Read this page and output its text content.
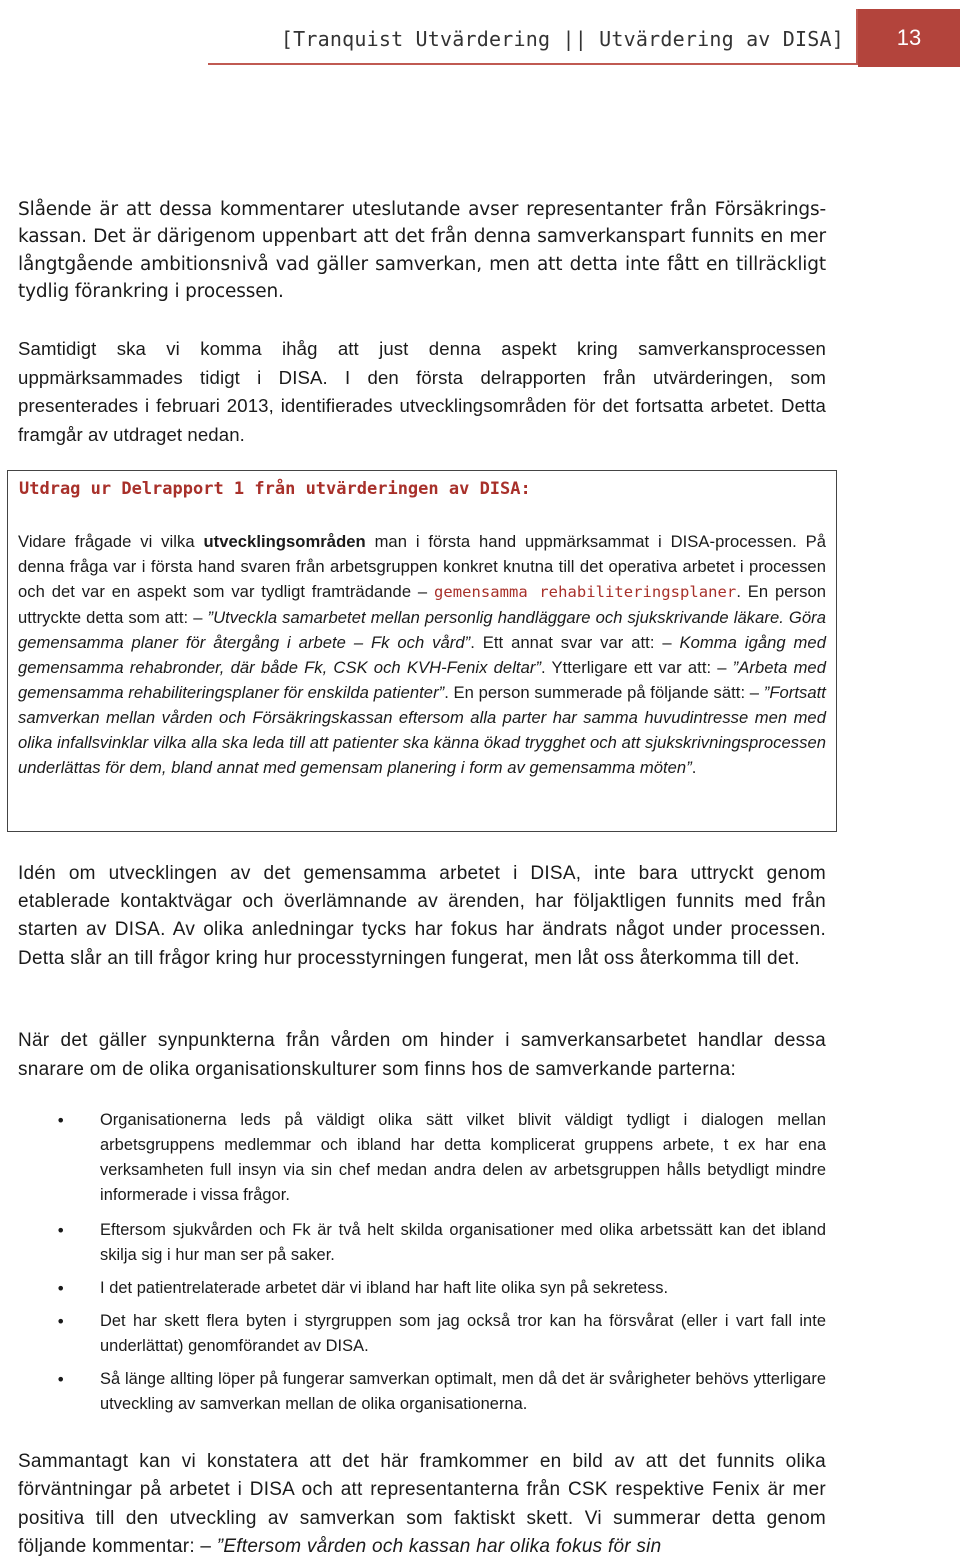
[Tranquist Utvärdering || Utvärdering av DISA]	13

Slående är att dessa kommentarer uteslutande avser representanter från Försäkrings-kassan. Det är därigenom uppenbart att det från denna samverkanspart funnits en mer långtgående ambitionsnivå vad gäller samverkan, men att detta inte fått en tillräckligt tydlig förankring i processen.

Samtidigt ska vi komma ihåg att just denna aspekt kring samverkansprocessen uppmärksammades tidigt i DISA. I den första delrapporten från utvärderingen, som presenterades i februari 2013, identifierades utvecklingsområden för det fortsatta arbetet. Detta framgår av utdraget nedan.

Utdrag ur Delrapport 1 från utvärderingen av DISA:

Vidare frågade vi vilka utvecklingsområden man i första hand uppmärksammat i DISA-processen. På denna fråga var i första hand svaren från arbetsgruppen konkret knutna till det operativa arbetet i processen och det var en aspekt som var tydligt framträdande – gemensamma rehabiliteringsplaner. En person uttryckte detta som att: – ”Utveckla samarbetet mellan personlig handläggare och sjukskrivande läkare. Göra gemensamma planer för återgång i arbete – Fk och vård”. Ett annat svar var att: – Komma igång med gemensamma rehabronder, där både Fk, CSK och KVH-Fenix deltar”. Ytterligare ett var att: – ”Arbeta med gemensamma rehabiliteringsplaner för enskilda patienter”. En person summerade på följande sätt: – ”Fortsatt samverkan mellan vården och Försäkringskassan eftersom alla parter har samma huvudintresse men med olika infallsvinklar vilka alla ska leda till att patienter ska känna ökad trygghet och att sjukskrivningsprocessen underlättas för dem, bland annat med gemensam planering i form av gemensamma möten”.

Idén om utvecklingen av det gemensamma arbetet i DISA, inte bara uttryckt genom etablerade kontaktvägar och överlämnande av ärenden, har följaktligen funnits med från starten av DISA. Av olika anledningar tycks har fokus har ändrats något under processen. Detta slår an till frågor kring hur processtyrningen fungerat, men låt oss återkomma till det.

När det gäller synpunkterna från vården om hinder i samverkansarbetet handlar dessa snarare om de olika organisationskulturer som finns hos de samverkande parterna:

• Organisationerna leds på väldigt olika sätt vilket blivit väldigt tydligt i dialogen mellan arbetsgruppens medlemmar och ibland har detta komplicerat gruppens arbete, t ex har ena verksamheten full insyn via sin chef medan andra delen av arbetsgruppen hålls betydligt mindre informerade i vissa frågor.

• Eftersom sjukvården och Fk är två helt skilda organisationer med olika arbetssätt kan det ibland skilja sig i hur man ser på saker.

• I det patientrelaterade arbetet där vi ibland har haft lite olika syn på sekretess.

• Det har skett flera byten i styrgruppen som jag också tror kan ha försvårat (eller i vart fall inte underlättat) genomförandet av DISA.

• Så länge allting löper på fungerar samverkan optimalt, men då det är svårigheter behövs ytterligare utveckling av samverkan mellan de olika organisationerna.

Sammantagt kan vi konstatera att det här framkommer en bild av att det funnits olika förväntningar på arbetet i DISA och att representanterna från CSK respektive Fenix är mer positiva till den utveckling av samverkan som faktiskt skett. Vi summerar detta genom följande kommentar: – ”Eftersom vården och kassan har olika fokus för sin
